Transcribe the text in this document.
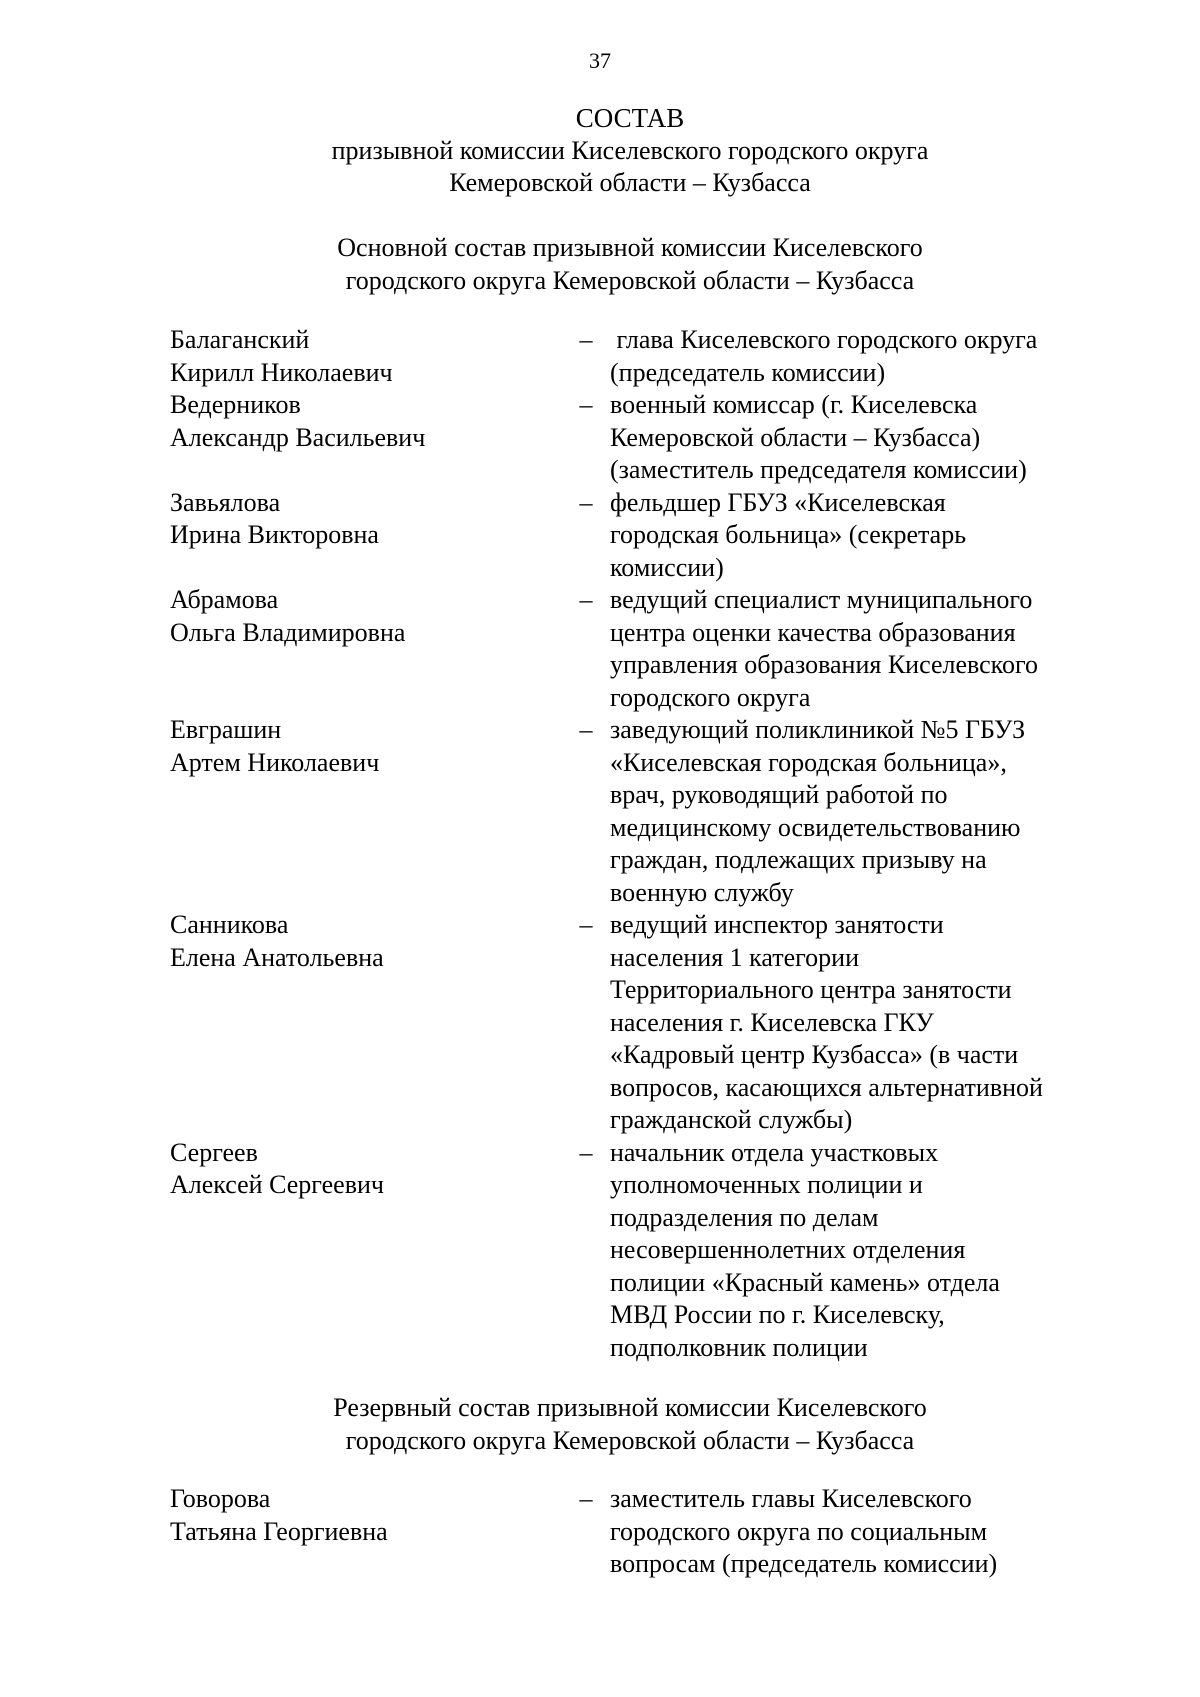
37
СОСТАВ
призывной комиссии Киселевского городского округа
Кемеровской области – Кузбасса
Основной состав призывной комиссии Киселевского
городского округа Кемеровской области – Кузбасса
Балаганский
Кирилл Николаевич
– глава Киселевского городского округа
(председатель комиссии)
Ведерников
Александр Васильевич
– военный комиссар (г. Киселевска
Кемеровской области – Кузбасса)
(заместитель председателя комиссии)
Завьялова
Ирина Викторовна
– фельдшер ГБУЗ «Киселевская
городская больница» (секретарь
комиссии)
Абрамова
Ольга Владимировна
– ведущий специалист муниципального
центра оценки качества образования
управления образования Киселевского
городского округа
Евграшин
Артем Николаевич
– заведующий поликлиникой №5 ГБУЗ
«Киселевская городская больница»,
врач, руководящий работой по
медицинскому освидетельствованию
граждан, подлежащих призыву на
военную службу
Санникова
Елена Анатольевна
– ведущий инспектор занятости
населения 1 категории
Территориального центра занятости
населения г. Киселевска ГКУ
«Кадровый центр Кузбасса» (в части
вопросов, касающихся альтернативной
гражданской службы)
Сергеев
Алексей Сергеевич
– начальник отдела участковых
уполномоченных полиции и
подразделения по делам
несовершеннолетних отделения
полиции «Красный камень» отдела
МВД России по г. Киселевску,
подполковник полиции
Резервный состав призывной комиссии Киселевского
городского округа Кемеровской области – Кузбасса
Говорова
Татьяна Георгиевна
– заместитель главы Киселевского
городского округа по социальным
вопросам (председатель комиссии)
